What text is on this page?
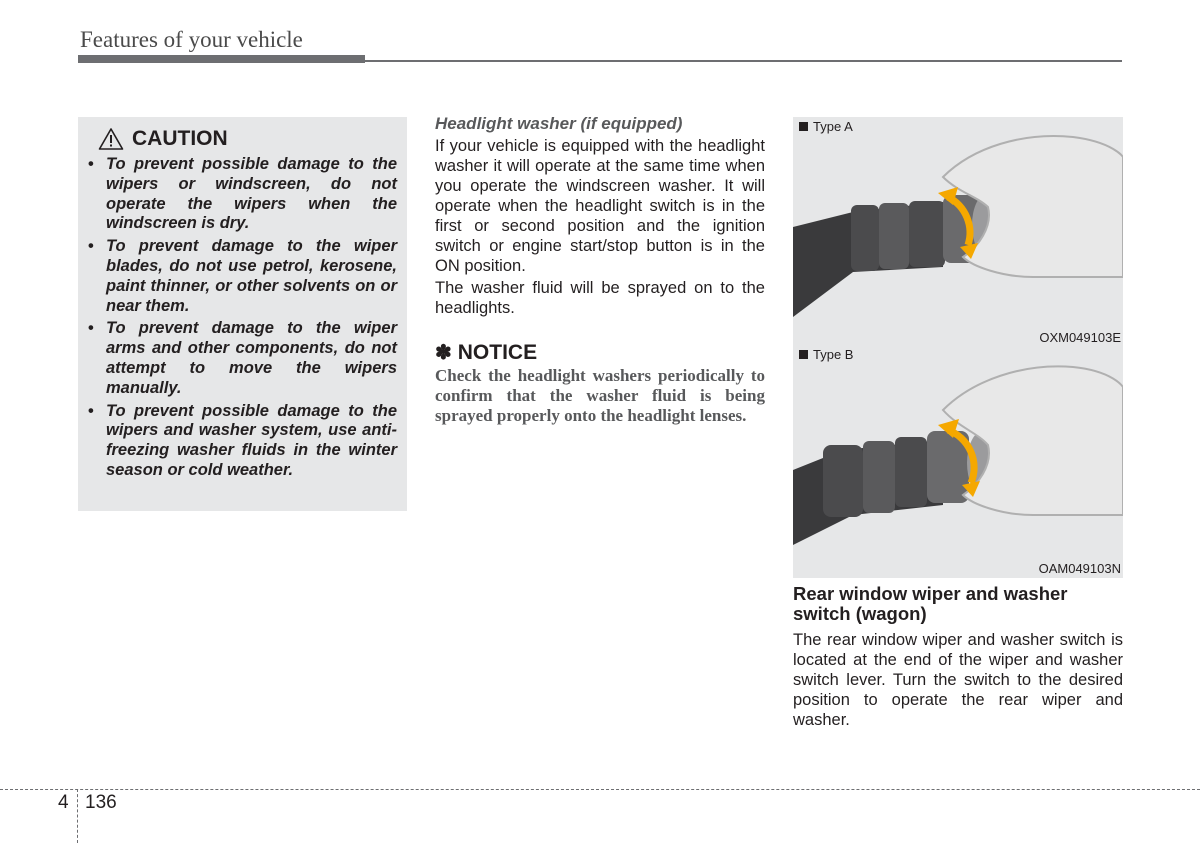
Features of your vehicle
CAUTION
• To prevent possible damage to the wipers or windscreen, do not operate the wipers when the windscreen is dry.
• To prevent damage to the wiper blades, do not use petrol, kerosene, paint thinner, or other solvents on or near them.
• To prevent damage to the wiper arms and other components, do not attempt to move the wipers manually.
• To prevent possible damage to the wipers and washer system, use anti-freezing washer fluids in the winter season or cold weather.

Headlight washer (if equipped)

If your vehicle is equipped with the headlight washer it will operate at the same time when you operate the windscreen washer. It will operate when the headlight switch is in the first or second position and the ignition switch or engine start/stop button is in the ON position.

The washer fluid will be sprayed on to the headlights.

✽ NOTICE

Check the headlight washers periodically to confirm that the washer fluid is being sprayed properly onto the headlight lenses.

Type A
OXM049103E
Type B
OAM049103N

Rear window wiper and washer switch (wagon)

The rear window wiper and washer switch is located at the end of the wiper and washer switch lever. Turn the switch to the desired position to operate the rear wiper and washer.

4 136
